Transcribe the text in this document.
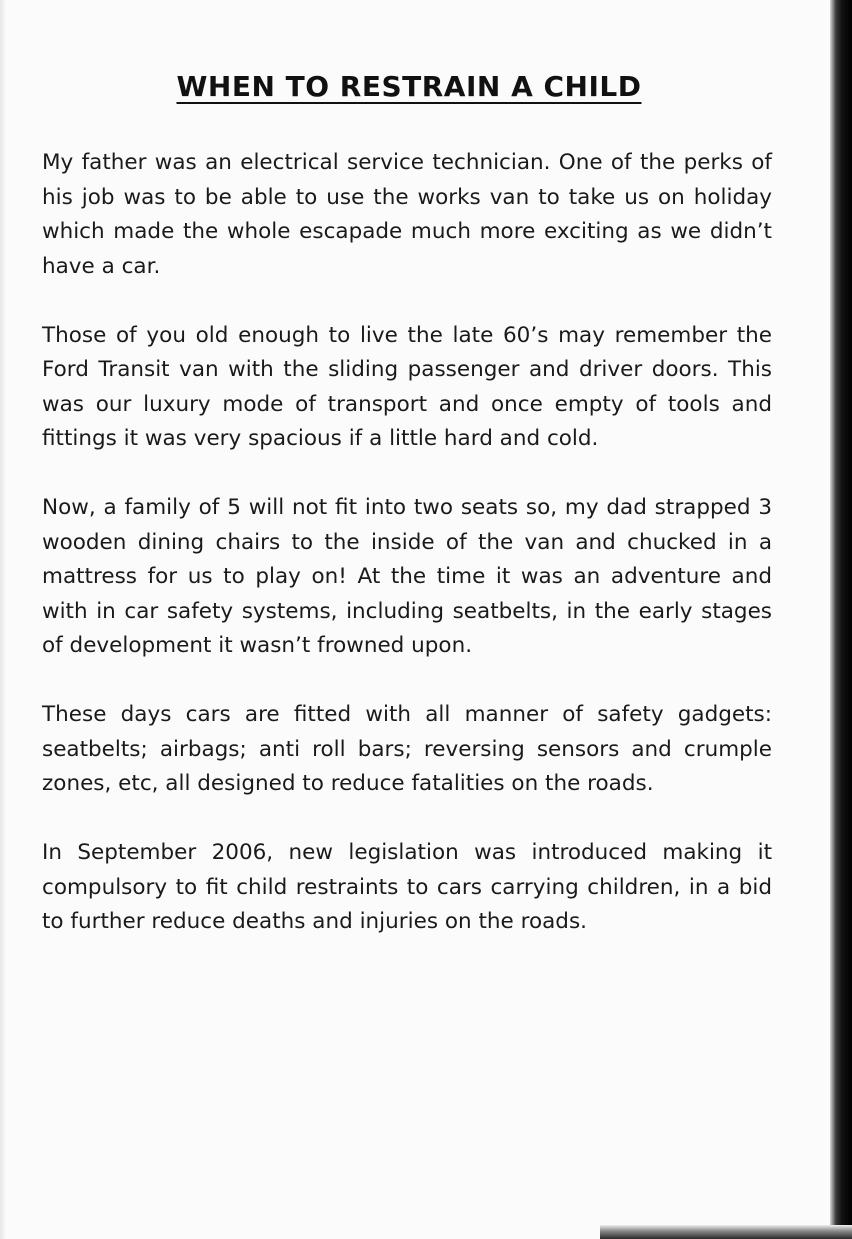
WHEN TO RESTRAIN A CHILD

My father was an electrical service technician. One of the perks of his job was to be able to use the works van to take us on holiday which made the whole escapade much more exciting as we didn’t have a car.

Those of you old enough to live the late 60’s may remember the Ford Transit van with the sliding passenger and driver doors. This was our luxury mode of transport and once empty of tools and fittings it was very spacious if a little hard and cold.

Now, a family of 5 will not fit into two seats so, my dad strapped 3 wooden dining chairs to the inside of the van and chucked in a mattress for us to play on! At the time it was an adventure and with in car safety systems, including seatbelts, in the early stages of development it wasn’t frowned upon.

These days cars are fitted with all manner of safety gadgets: seatbelts; airbags; anti roll bars; reversing sensors and crumple zones, etc, all designed to reduce fatalities on the roads.

In September 2006, new legislation was introduced making it compulsory to fit child restraints to cars carrying children, in a bid to further reduce deaths and injuries on the roads.
